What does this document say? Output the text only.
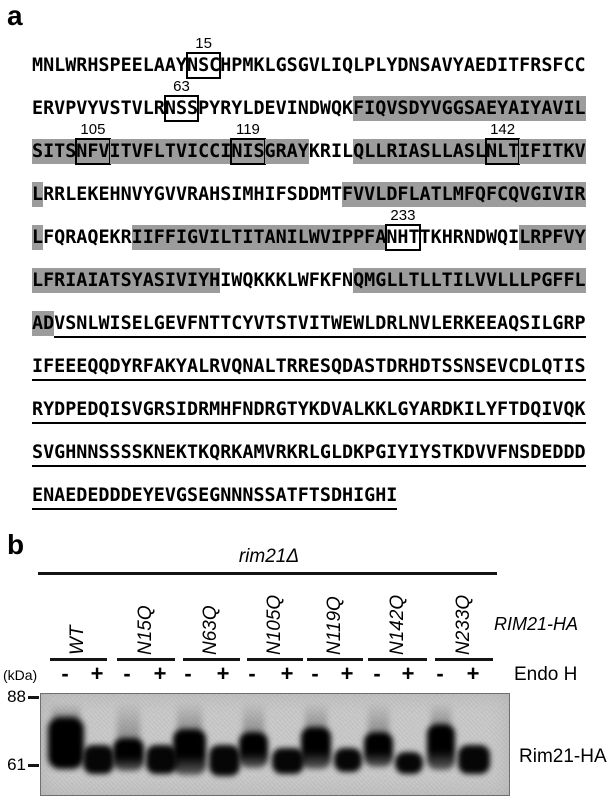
a
MNLWRHSPEELAAYNSC
15
HPMKLGSGVLIQLPLYDNSAVYAEDITFRSFCC
ERVPVYVSTVLRNSS
63
PYRYLDEVINDWQKFIQVSDYVGGSAEYAIYAVIL
SITSNFV
105
ITVFLTVICCINIS
119
GRAYKRILQLLRIASLLASLNLT
142
IFITKV
LRRLEKEHNVYGVVRAHSIMHIFSDDMTFVVLDFLATLMFQFCQVGIVIR
LFQRAQEKRIIFFIGVILTITANILWVIPPFANHT
233
TKHRNDWQILRPFVY
LFRIAIATSYASIVIYHIWQKKKLWFKFNQMGLLTLLTILVVLLLPGFFL
ADVSNLWISELGEVFNTTCYVTSTVITWEWLDRLNVLERKEEAQSILGRP
IFEEEQQDYRFAKYALRVQNALTRRESQDASTDRHDTSSNSEVCDLQTIS
RYDPEDQISVGRSIDRMHFNDRGTYKDVALKKLGYARDKILYFTDQIVQK
SVGHNNSSSSKNEKTKQRKAMVRKRLGLDKPGIYIYSTKDVVFNSDEDDD
ENAEDEDDDEYEVGSEGNNNSSATFTSDHIGHI
b	rim21Δ
WT
- +
N15Q
-	+
N63Q
-	+
N105Q
-	+
N119Q
- +
N142Q
- +
N233Q
-	+
RIM21-HA
Endo H
(kDa)
88
61	Rim21-HA
